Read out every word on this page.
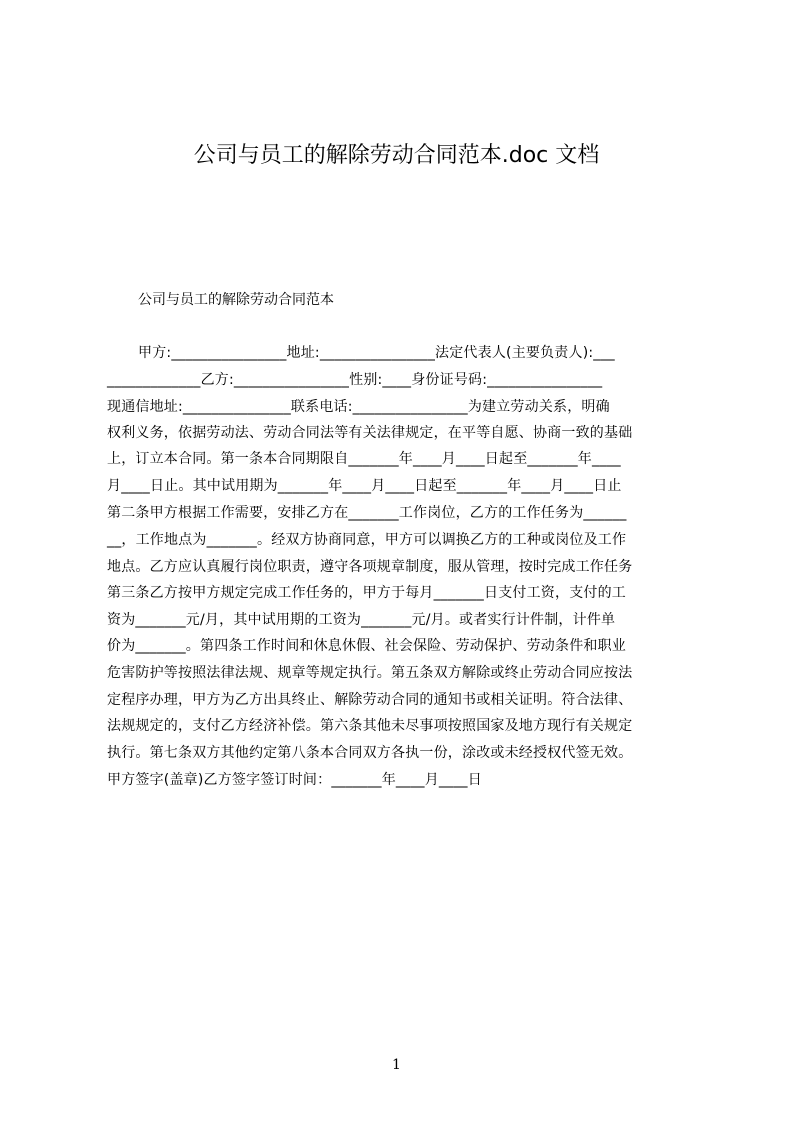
公司与员工的解除劳动合同范本.doc 文档
公司与员工的解除劳动合同范本
甲方:________________地址:________________法定代表人(主要负责人):___
_____________乙方:________________性别:____身份证号码:________________
现通信地址:_______________联系电话:________________为建立劳动关系，明确
权利义务，依据劳动法、劳动合同法等有关法律规定，在平等自愿、协商一致的基础
上，订立本合同。第一条本合同期限自_______年____月____日起至_______年____
月____日止。其中试用期为_______年____月____日起至_______年____月____日止
第二条甲方根据工作需要，安排乙方在_______工作岗位，乙方的工作任务为______
__，工作地点为_______。经双方协商同意，甲方可以调换乙方的工种或岗位及工作
地点。乙方应认真履行岗位职责，遵守各项规章制度，服从管理，按时完成工作任务
第三条乙方按甲方规定完成工作任务的，甲方于每月_______日支付工资，支付的工
资为_______元/月，其中试用期的工资为_______元/月。或者实行计件制，计件单
价为_______。第四条工作时间和休息休假、社会保险、劳动保护、劳动条件和职业
危害防护等按照法律法规、规章等规定执行。第五条双方解除或终止劳动合同应按法
定程序办理，甲方为乙方出具终止、解除劳动合同的通知书或相关证明。符合法律、
法规规定的，支付乙方经济补偿。第六条其他未尽事项按照国家及地方现行有关规定
执行。第七条双方其他约定第八条本合同双方各执一份，涂改或未经授权代签无效。
甲方签字(盖章)乙方签字签订时间：_______年____月____日
1
